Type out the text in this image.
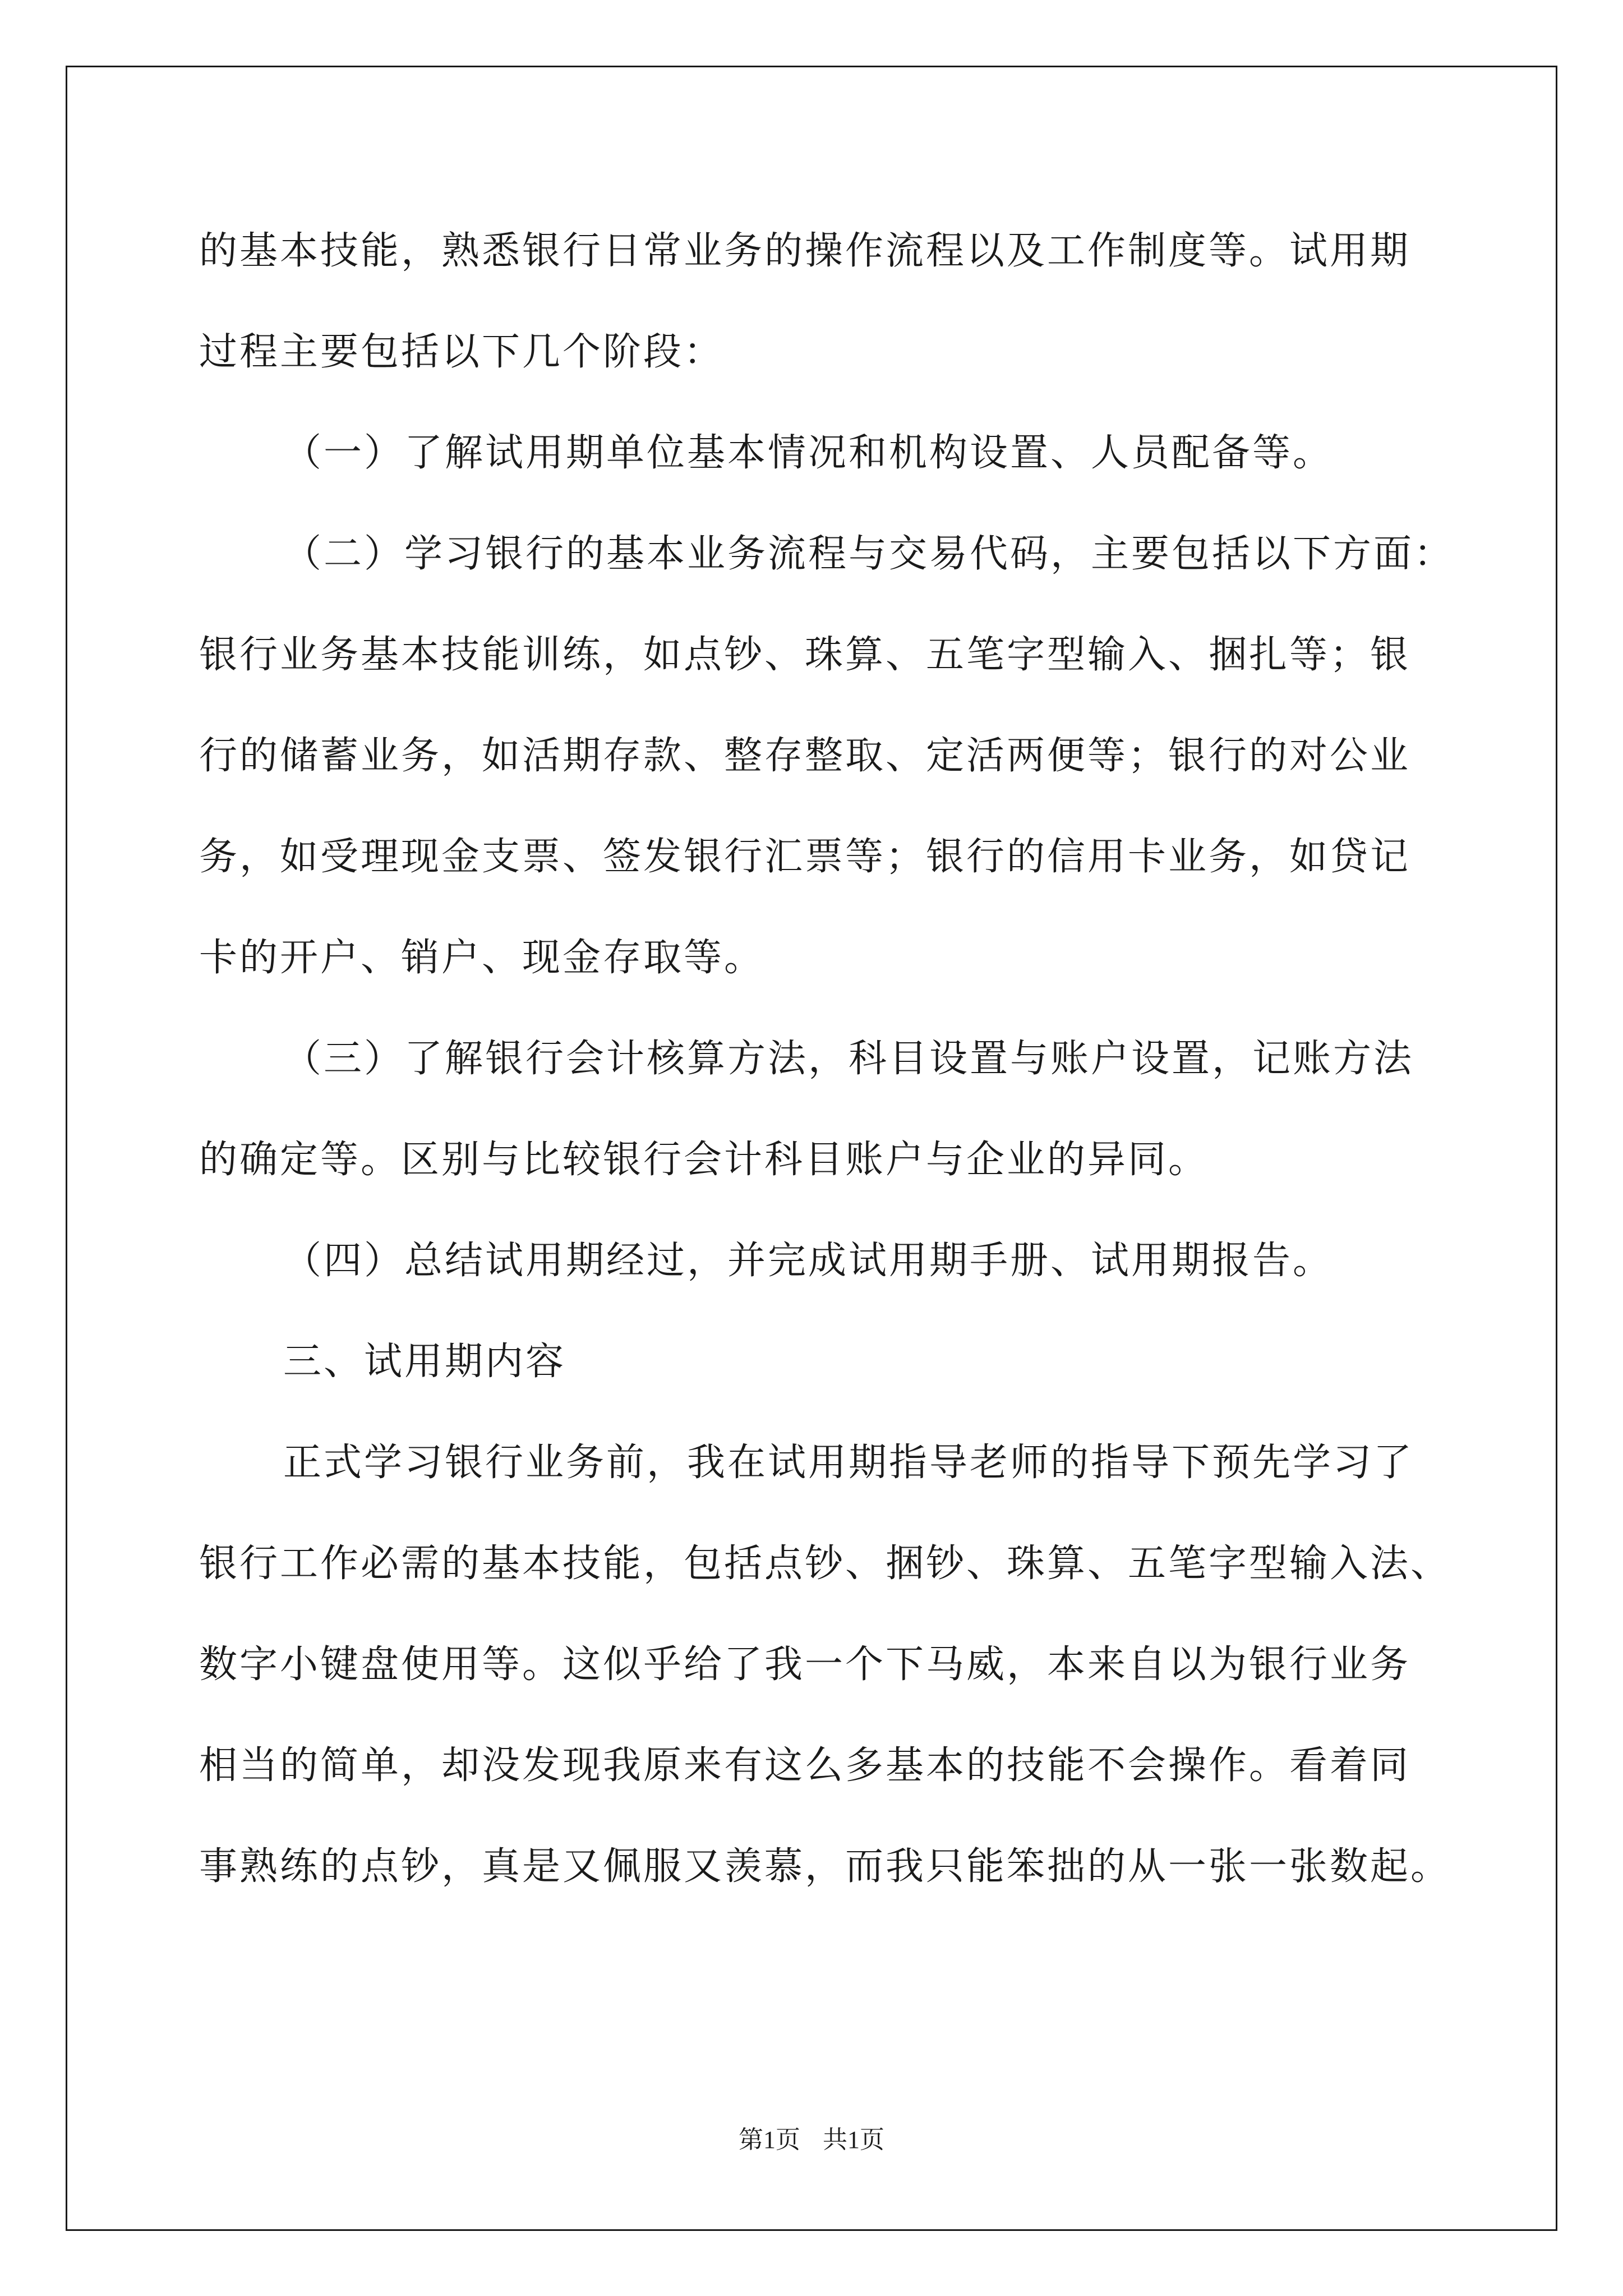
的基本技能，熟悉银行日常业务的操作流程以及工作制度等。试用期
过程主要包括以下几个阶段：
（一）了解试用期单位基本情况和机构设置、人员配备等。
（二）学习银行的基本业务流程与交易代码，主要包括以下方面：
银行业务基本技能训练，如点钞、珠算、五笔字型输入、捆扎等；银
行的储蓄业务，如活期存款、整存整取、定活两便等；银行的对公业
务，如受理现金支票、签发银行汇票等；银行的信用卡业务，如贷记
卡的开户、销户、现金存取等。
（三）了解银行会计核算方法，科目设置与账户设置，记账方法
的确定等。区别与比较银行会计科目账户与企业的异同。
（四）总结试用期经过，并完成试用期手册、试用期报告。
三、试用期内容
正式学习银行业务前，我在试用期指导老师的指导下预先学习了
银行工作必需的基本技能，包括点钞、捆钞、珠算、五笔字型输入法、
数字小键盘使用等。这似乎给了我一个下马威，本来自以为银行业务
相当的简单，却没发现我原来有这么多基本的技能不会操作。看着同
事熟练的点钞，真是又佩服又羡慕，而我只能笨拙的从一张一张数起。
第1页 共1页
